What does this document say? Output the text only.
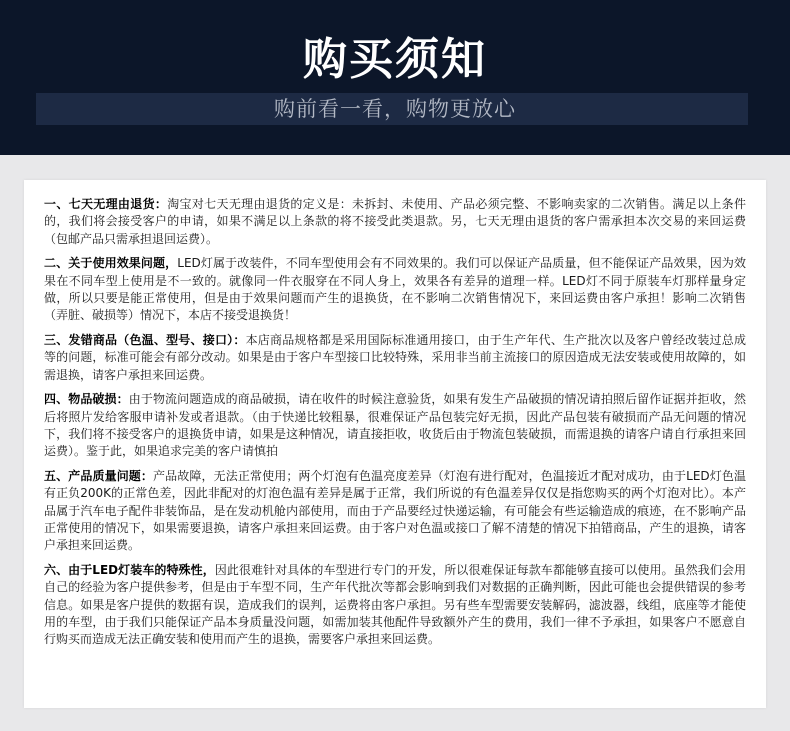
购买须知
购前看一看，购物更放心

一、七天无理由退货：淘宝对七天无理由退货的定义是：未拆封、未使用、产品必须完整、不影响卖家的二次销售。满足以上条件的，我们将会接受客户的申请，如果不满足以上条款的将不接受此类退款。另，七天无理由退货的客户需承担本次交易的来回运费（包邮产品只需承担退回运费）。

二、关于使用效果问题，LED灯属于改装件，不同车型使用会有不同效果的。我们可以保证产品质量，但不能保证产品效果，因为效果在不同车型上使用是不一致的。就像同一件衣服穿在不同人身上，效果各有差异的道理一样。LED灯不同于原装车灯那样量身定做，所以只要是能正常使用，但是由于效果问题而产生的退换货，在不影响二次销售情况下，来回运费由客户承担！影响二次销售（弄脏、破损等）情况下，本店不接受退换货！

三、发错商品（色温、型号、接口）：本店商品规格都是采用国际标准通用接口，由于生产年代、生产批次以及客户曾经改装过总成等的问题，标准可能会有部分改动。如果是由于客户车型接口比较特殊，采用非当前主流接口的原因造成无法安装或使用故障的，如需退换，请客户承担来回运费。

四、物品破损：由于物流问题造成的商品破损，请在收件的时候注意验货，如果有发生产品破损的情况请拍照后留作证据并拒收，然后将照片发给客服申请补发或者退款。（由于快递比较粗暴，很难保证产品包装完好无损，因此产品包装有破损而产品无问题的情况下，我们将不接受客户的退换货申请，如果是这种情况，请直接拒收，收货后由于物流包装破损，而需退换的请客户请自行承担来回运费）。鉴于此，如果追求完美的客户请慎拍

五、产品质量问题：产品故障，无法正常使用；两个灯泡有色温亮度差异（灯泡有进行配对，色温接近才配对成功，由于LED灯色温有正负200K的正常色差，因此非配对的灯泡色温有差异是属于正常，我们所说的有色温差异仅仅是指您购买的两个灯泡对比）。本产品属于汽车电子配件非装饰品，是在发动机舱内部使用，而由于产品要经过快递运输，有可能会有些运输造成的痕迹，在不影响产品正常使用的情况下，如果需要退换，请客户承担来回运费。由于客户对色温或接口了解不清楚的情况下拍错商品，产生的退换，请客户承担来回运费。

六、由于LED灯装车的特殊性，因此很难针对具体的车型进行专门的开发，所以很难保证每款车都能够直接可以使用。虽然我们会用自己的经验为客户提供参考，但是由于车型不同，生产年代批次等都会影响到我们对数据的正确判断，因此可能也会提供错误的参考信息。如果是客户提供的数据有误，造成我们的误判，运费将由客户承担。另有些车型需要安装解码，滤波器，线组，底座等才能使用的车型，由于我们只能保证产品本身质量没问题，如需加装其他配件导致额外产生的费用，我们一律不予承担，如果客户不愿意自行购买而造成无法正确安装和使用而产生的退换，需要客户承担来回运费。
